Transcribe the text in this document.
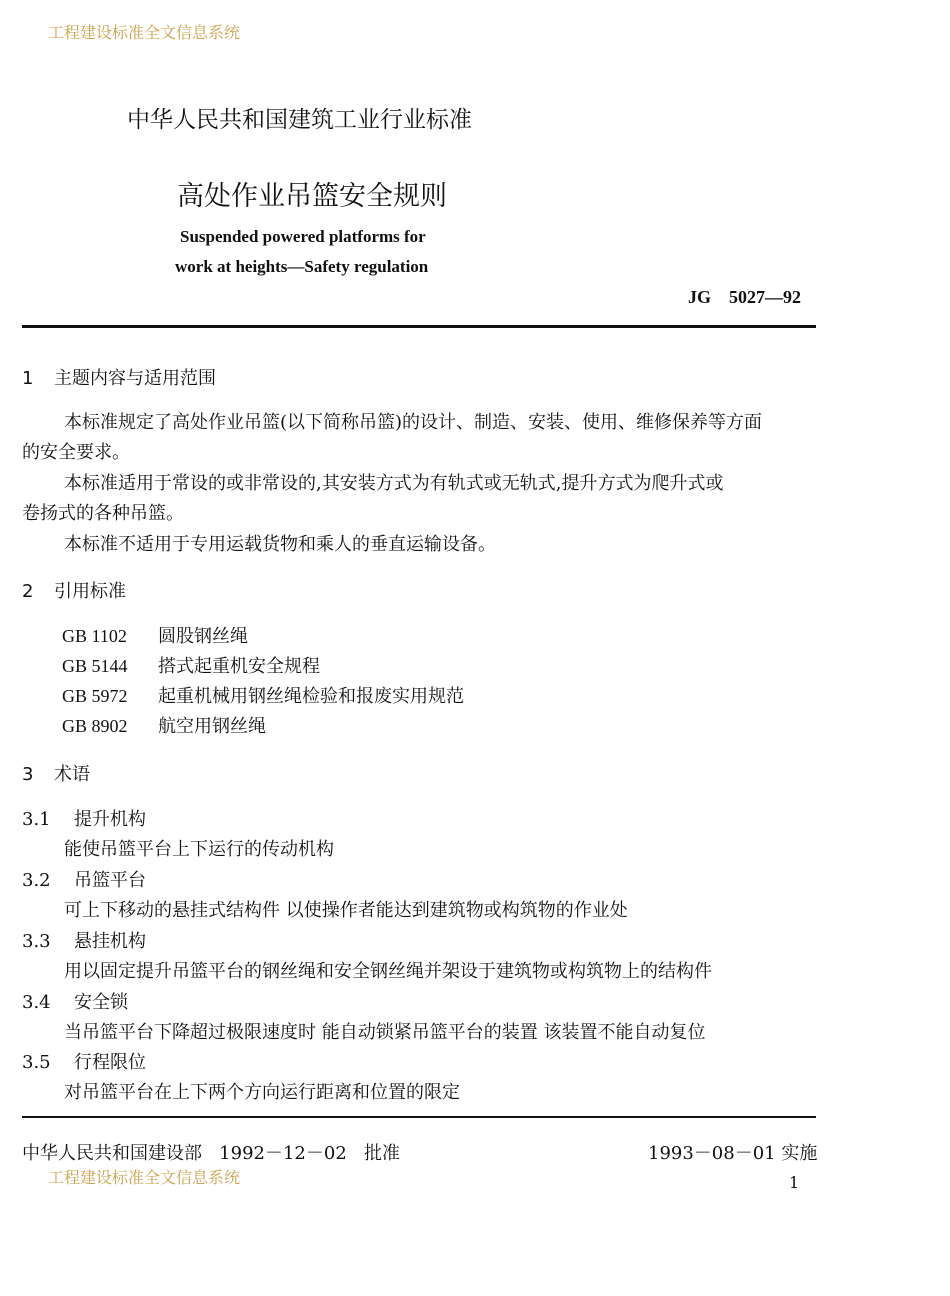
工程建设标准全文信息系统
中华人民共和国建筑工业行业标准
高处作业吊篮安全规则
Suspended powered platforms for
work at heights—Safety regulation
JG    5027—92
1 主题内容与适用范围
本标准规定了高处作业吊篮(以下简称吊篮)的设计、制造、安装、使用、维修保养等方面
的安全要求。
本标准适用于常设的或非常设的,其安装方式为有轨式或无轨式,提升方式为爬升式或
卷扬式的各种吊篮。
本标准不适用于专用运载货物和乘人的垂直运输设备。
2 引用标准
GB 1102 圆股钢丝绳
GB 5144 搭式起重机安全规程
GB 5972 起重机械用钢丝绳检验和报废实用规范
GB 8902 航空用钢丝绳
3 术语
3.1 提升机构
能使吊篮平台上下运行的传动机构
3.2 吊篮平台
可上下移动的悬挂式结构件 以使操作者能达到建筑物或构筑物的作业处
3.3 悬挂机构
用以固定提升吊篮平台的钢丝绳和安全钢丝绳并架设于建筑物或构筑物上的结构件
3.4 安全锁
当吊篮平台下降超过极限速度时 能自动锁紧吊篮平台的装置 该装置不能自动复位
3.5 行程限位
对吊篮平台在上下两个方向运行距离和位置的限定
中华人民共和国建设部   1992－12－02   批准	1993－08－01 实施
工程建设标准全文信息系统	1
